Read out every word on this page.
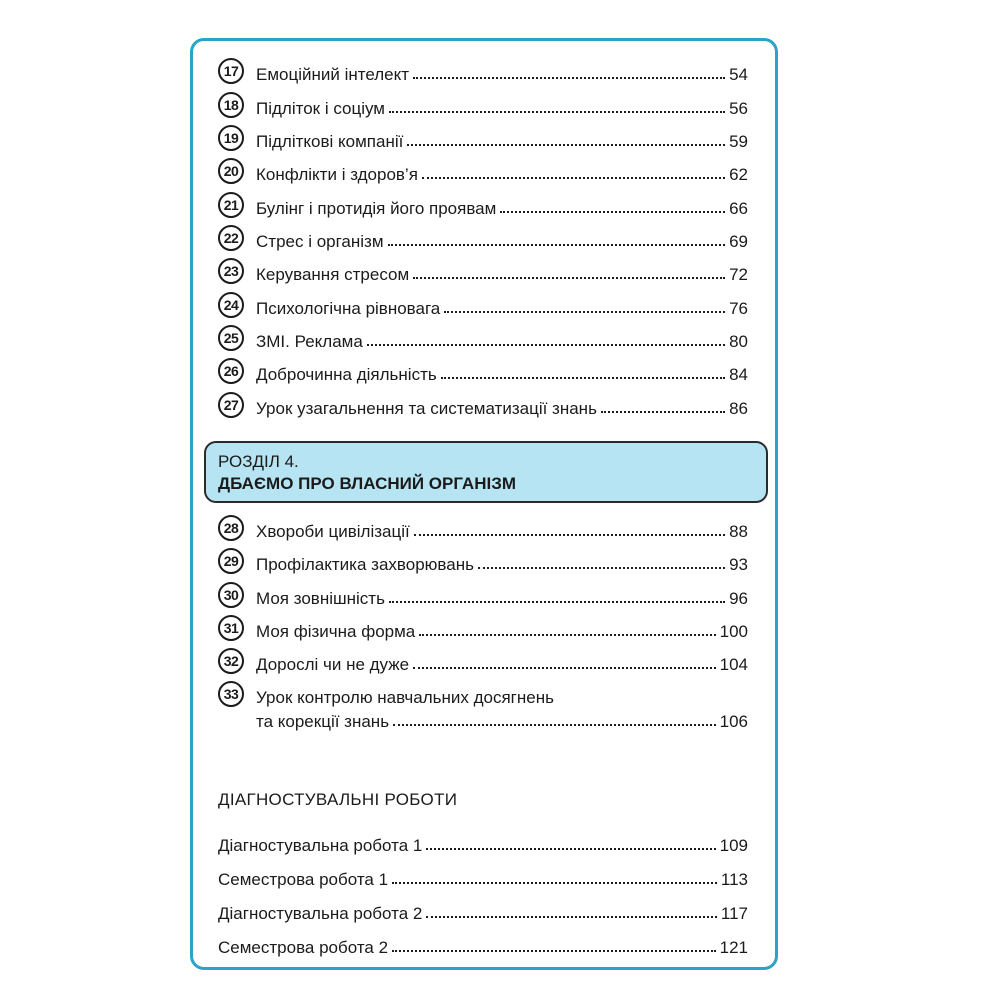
17	Емоційний інтелект	54
18	Підліток і соціум	56
19	Підліткові компанії	59
20	Конфлікти і здоров’я	62
21	Булінг і протидія його проявам	66
22	Стрес і організм	69
23	Керування стресом	72
24	Психологічна рівновага	76
25	ЗМІ. Реклама	80
26	Доброчинна діяльність	84
27	Урок узагальнення та систематизації знань	86
РОЗДІЛ 4.
ДБАЄМО ПРО ВЛАСНИЙ ОРГАНІЗМ
28	Хвороби цивілізації	88
29	Профілактика захворювань	93
30	Моя зовнішність	96
31	Моя фізична форма	100
32	Дорослі чи не дуже	104
33	Урок контролю навчальних досягнень
та корекції знань	106
ДІАГНОСТУВАЛЬНІ РОБОТИ
Діагностувальна робота 1	109
Семестрова робота 1	113
Діагностувальна робота 2	117
Семестрова робота 2	121
